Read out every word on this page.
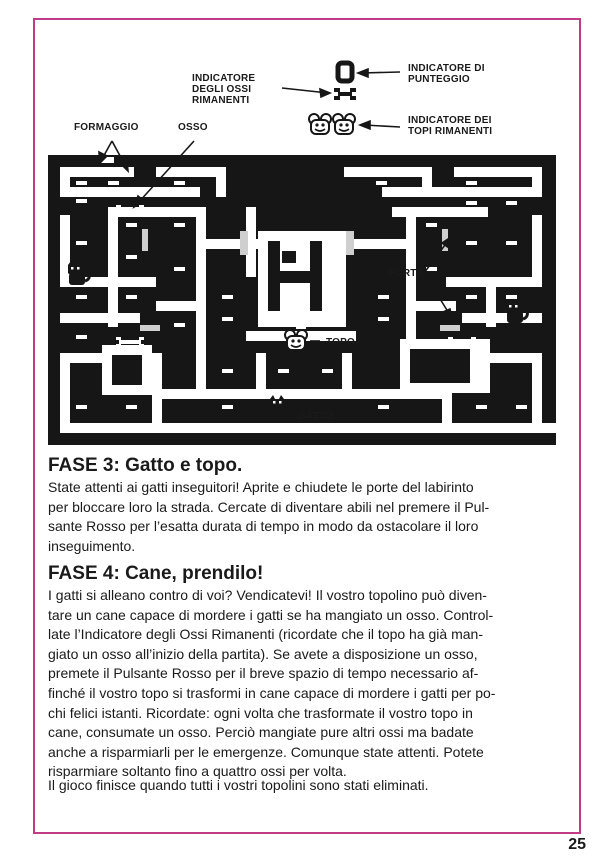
INDICATORE
DEGLI OSSI
RIMANENTI
INDICATORE DI
PUNTEGGIO
INDICATORE DEI
TOPI RIMANENTI
FORMAGGIO	OSSO
PORTA
TOPO
GATTO
FASE 3: Gatto e topo.
State attenti ai gatti inseguitori! Aprite e chiudete le porte del labirinto
per bloccare loro la strada. Cercate di diventare abili nel premere il Pul-
sante Rosso per l’esatta durata di tempo in modo da ostacolare il loro
inseguimento.
FASE 4: Cane, prendilo!
I gatti si alleano contro di voi? Vendicatevi! Il vostro topolino può diven-
tare un cane capace di mordere i gatti se ha mangiato un osso. Control-
late l’Indicatore degli Ossi Rimanenti (ricordate che il topo ha già man-
giato un osso all’inizio della partita). Se avete a disposizione un osso,
premete il Pulsante Rosso per il breve spazio di tempo necessario af-
finché il vostro topo si trasformi in cane capace di mordere i gatti per po-
chi felici istanti. Ricordate: ogni volta che trasformate il vostro topo in
cane, consumate un osso. Perciò mangiate pure altri ossi ma badate
anche a risparmiarli per le emergenze. Comunque state attenti. Potete
risparmiare soltanto fino a quattro ossi per volta.
Il gioco finisce quando tutti i vostri topolini sono stati eliminati.
25
